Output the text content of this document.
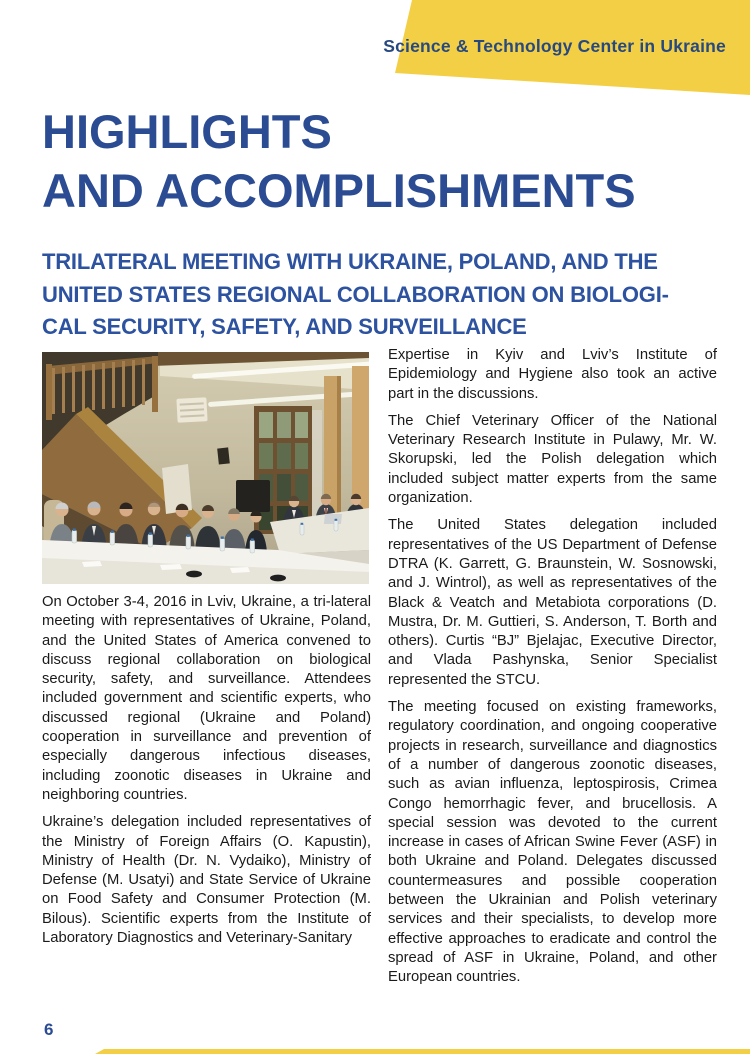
Science & Technology Center in Ukraine
HIGHLIGHTS
AND ACCOMPLISHMENTS
TRILATERAL MEETING WITH UKRAINE, POLAND, AND THE
UNITED STATES REGIONAL COLLABORATION ON BIOLOGI-
CAL SECURITY, SAFETY, AND SURVEILLANCE

On October 3-4, 2016 in Lviv, Ukraine, a tri-lateral meeting with representatives of Ukraine, Poland, and the United States of America convened to discuss regional collaboration on biological security, safety, and surveillance. Attendees included government and scientific experts, who discussed regional (Ukraine and Poland) cooperation in surveillance and prevention of especially dangerous infectious diseases, including zoonotic diseases in Ukraine and neighboring countries.

Ukraine’s delegation included representatives of the Ministry of Foreign Affairs (O. Kapustin), Ministry of Health (Dr. N. Vydaiko), Ministry of Defense (M. Usatyi) and State Service of Ukraine on Food Safety and Consumer Protection (M. Bilous). Scientific experts from the Institute of Laboratory Diagnostics and Veterinary-Sanitary

Expertise in Kyiv and Lviv’s Institute of Epidemiology and Hygiene also took an active part in the discussions.

The Chief Veterinary Officer of the National Veterinary Research Institute in Pulawy, Mr. W. Skorupski, led the Polish delegation which included subject matter experts from the same organization.

The United States delegation included representatives of the US Department of Defense DTRA (K. Garrett, G. Braunstein, W. Sosnowski, and J. Wintrol), as well as representatives of the Black & Veatch and Metabiota corporations (D. Mustra, Dr. M. Guttieri, S. Anderson, T. Borth and others). Curtis “BJ” Bjelajac, Executive Director, and Vlada Pashynska, Senior Specialist represented the STCU.

The meeting focused on existing frameworks, regulatory coordination, and ongoing cooperative projects in research, surveillance and diagnostics of a number of dangerous zoonotic diseases, such as avian influenza, leptospirosis, Crimea Congo hemorrhagic fever, and brucellosis. A special session was devoted to the current increase in cases of African Swine Fever (ASF) in both Ukraine and Poland. Delegates discussed countermeasures and possible cooperation between the Ukrainian and Polish veterinary services and their specialists, to develop more effective approaches to eradicate and control the spread of ASF in Ukraine, Poland, and other European countries.

6
